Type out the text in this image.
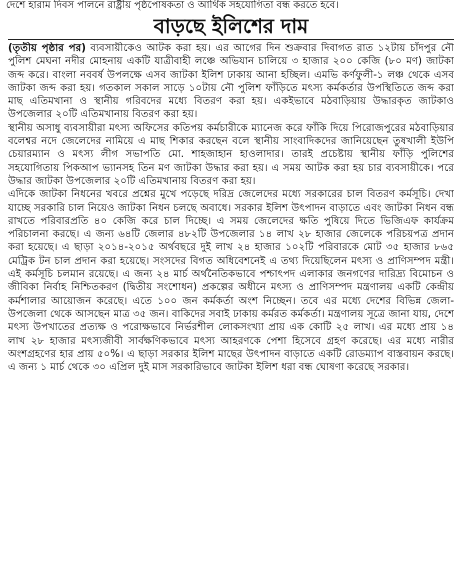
দেশে হারাম দিবস পালনে রাষ্ট্রীয় পৃষ্ঠপোষকতা ও আর্থিক সহযোগিতা বন্ধ করতে হবে।
বাড়ছে ইলিশের দাম

(তৃতীয় পৃষ্ঠার পর) ব্যবসায়ীকেও আটক করা হয়। এর আগের দিন শুক্রবার দিবাগত রাত ১২টায় চাঁদপুর নৌ পুলিশ মেঘনা নদীর মোহনায় একটি যাত্রীবাহী লঞ্চে অভিযান চালিয়ে ৩ হাজার ২০০ কেজি (৮০ মণ) জাটকা জব্দ করে। বাংলা নববর্ষ উপলক্ষে এসব জাটকা ইলিশ ঢাকায় আনা হচ্ছিল। এমভি কর্ণফুলী-১ লঞ্চ থেকে এসব জাটকা জব্দ করা হয়। গতকাল সকাল সাড়ে ১০টায় নৌ পুলিশ ফাঁড়িতে মৎস্য কর্মকর্তার উপস্থিতিতে জব্দ করা মাছ এতিমখানা ও স্থানীয় গরিবদের মধ্যে বিতরণ করা হয়। একইভাবে মঠবাড়িয়ায় উদ্ধারকৃত জাটকাও উপজেলার ২০টি এতিমখানায় বিতরণ করা হয়।

স্থানীয় অসাধু ব্যবসায়ীরা মৎস্য অফিসের কতিপয় কর্মচারীকে ম্যানেজ করে ফাঁকি দিয়ে পিরোজপুরের মঠবাড়িয়ার বলেশ্বর নদে জেলেদের নামিয়ে এ মাছ শিকার করছেন বলে স্থানীয় সাংবাদিকদের জানিয়েছেন তুষখালী ইউপি চেয়ারম্যান ও মৎস্য লীগ সভাপতি মো. শাহজাহান হাওলাদার। তারই প্রচেষ্টায় স্থানীয় ফাঁড়ি পুলিশের সহযোগিতায় পিকআপ ভ্যানসহ তিন মণ জাটকা উদ্ধার করা হয়। এ সময় আটক করা হয় চার ব্যবসায়ীকে। পরে উদ্ধার জাটকা উপজেলার ২০টি এতিমখানায় বিতরণ করা হয়।

এদিকে জাটকা নিধনের খবরে প্রশ্নের মুখে পড়েছে দরিদ্র জেলেদের মধ্যে সরকারের চাল বিতরণ কর্মসূচি। দেখা যাচ্ছে সরকারি চাল নিয়েও জাটকা নিধন চলছে অবাধে। সরকার ইলিশ উৎপাদন বাড়াতে এবং জাটকা নিধন বন্ধ রাখতে পরিবারপ্রতি ৪০ কেজি করে চাল দিচ্ছে। এ সময় জেলেদের ক্ষতি পুষিয়ে দিতে ভিজিএফ কার্যক্রম পরিচালনা করছে। এ জন্য ৬৪টি জেলার ৪৮২টি উপজেলার ১৪ লাখ ২৮ হাজার জেলেকে পরিচয়পত্র প্রদান করা হয়েছে। এ ছাড়া ২০১৪-২০১৫ অর্থবছরে দুই লাখ ২৪ হাজার ১০২টি পরিবারকে মোট ৩৫ হাজার ৮৬৫ মেট্রিক টন চাল প্রদান করা হয়েছে। সংসদের বিগত অধিবেশনেই এ তথ্য দিয়েছিলেন মৎস্য ও প্রাণিসম্পদ মন্ত্রী। এই কর্মসূচি চলমান রয়েছে। এ জন্য ২৪ মার্চ অর্থনৈতিকভাবে পশ্চাৎপদ এলাকার জনগণের দারিদ্র্য বিমোচন ও জীবিকা নির্বাহ নিশ্চিতকরণ (দ্বিতীয় সংশোধন) প্রকল্পের অধীনে মৎস্য ও প্রাণিসম্পদ মন্ত্রণালয় একটি কেন্দ্রীয় কর্মশালার আয়োজন করেছে। এতে ১০০ জন কর্মকর্তা অংশ নিচ্ছেন। তবে এর মধ্যে দেশের বিভিন্ন জেলা-উপজেলা থেকে আসছেন মাত্র ৩৫ জন। বাকিদের সবাই ঢাকায় কর্মরত কর্মকর্তা। মন্ত্রণালয় সূত্রে জানা যায়, দেশে মৎস্য উপখাতের প্রত্যক্ষ ও পরোক্ষভাবে নির্ভরশীল লোকসংখ্যা প্রায় এক কোটি ২৫ লাখ। এর মধ্যে প্রায় ১৪ লাখ ২৮ হাজার মৎস্যজীবী সার্বক্ষণিকভাবে মৎস্য আহরণকে পেশা হিসেবে গ্রহণ করেছে। এর মধ্যে নারীর অংশগ্রহণের হার প্রায় ৫০%। এ ছাড়া সরকার ইলিশ মাছের উৎপাদন বাড়াতে একটি রোডম্যাপ বাস্তবায়ন করছে। এ জন্য ১ মার্চ থেকে ৩০ এপ্রিল দুই মাস সরকারিভাবে জাটকা ইলিশ ধরা বন্ধ ঘোষণা করেছে সরকার।
